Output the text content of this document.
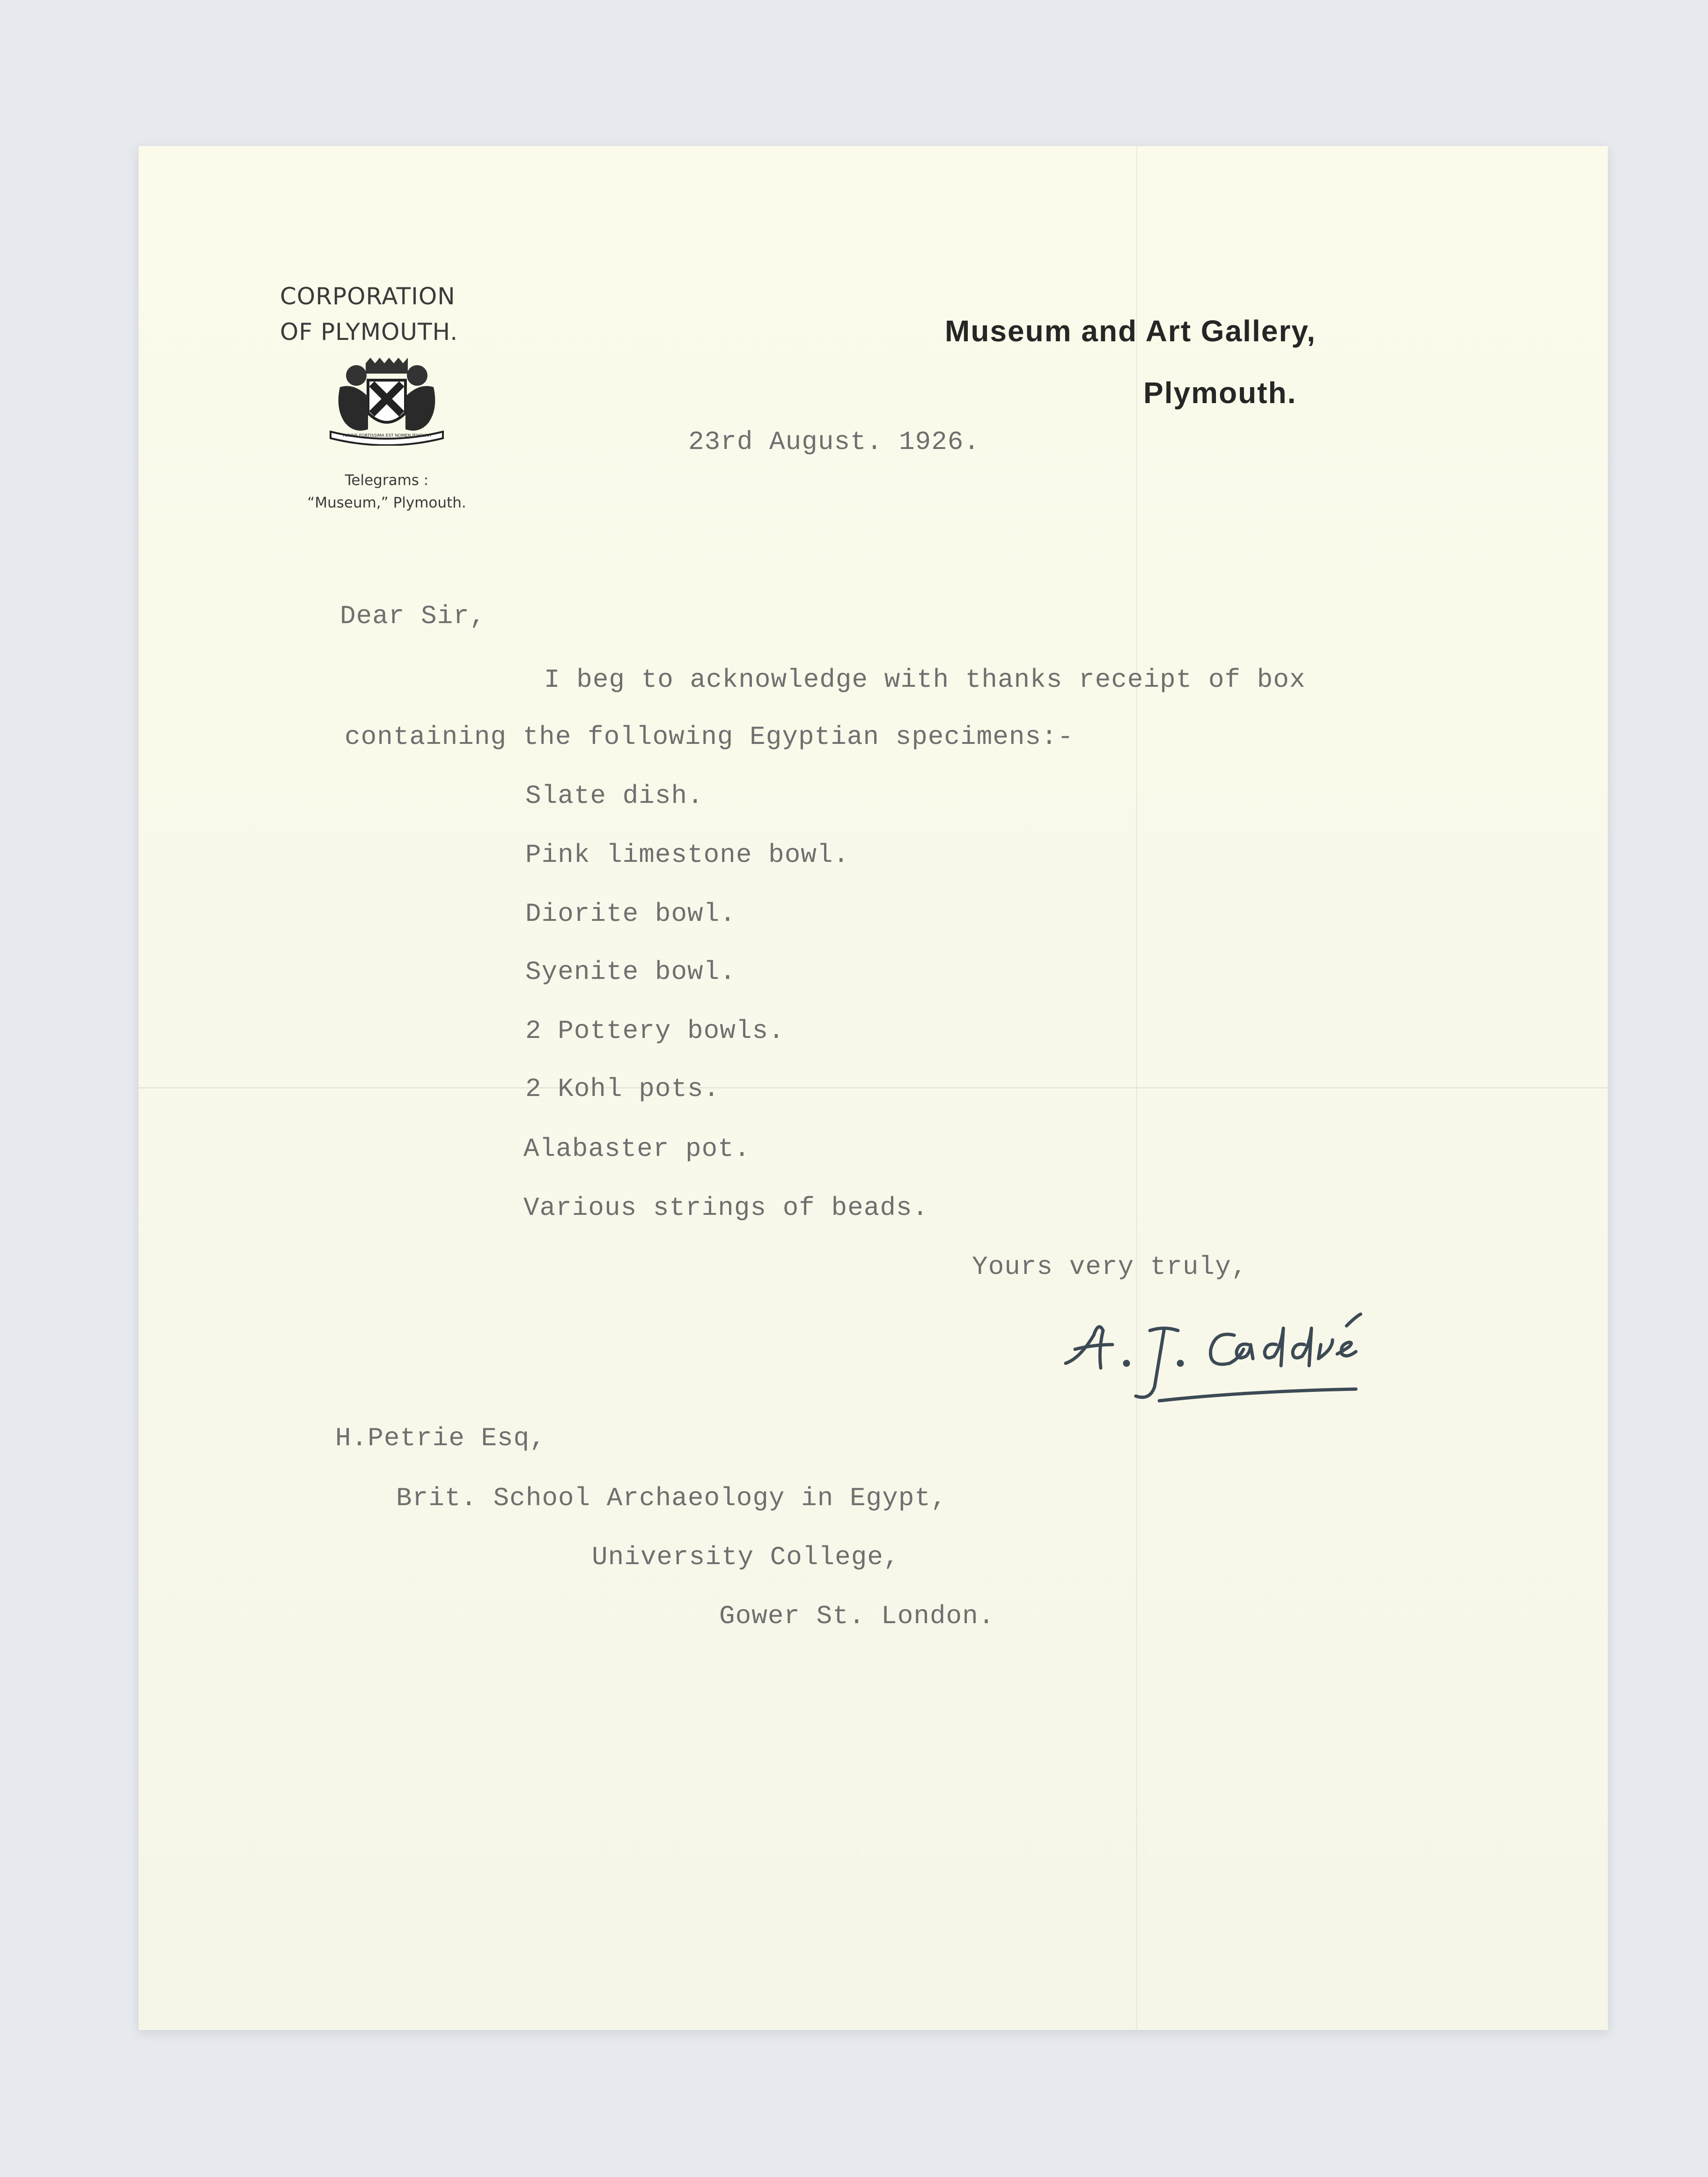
CORPORATION
OF PLYMOUTH.
TURRIS FORTISSIMA EST NOMEN JEHOVAH
Telegrams :
“Museum,” Plymouth.
Museum and Art Gallery,
Plymouth.
23rd August. 1926.
Dear Sir,
I beg to acknowledge with thanks receipt of box
containing the following Egyptian specimens:-
Slate dish.
Pink limestone bowl.
Diorite bowl.
Syenite bowl.
2 Pottery bowls.
2 Kohl pots.
Alabaster pot.
Various strings of beads.
Yours very truly,
H.Petrie Esq,
Brit. School Archaeology in Egypt,
University College,
Gower St. London.
